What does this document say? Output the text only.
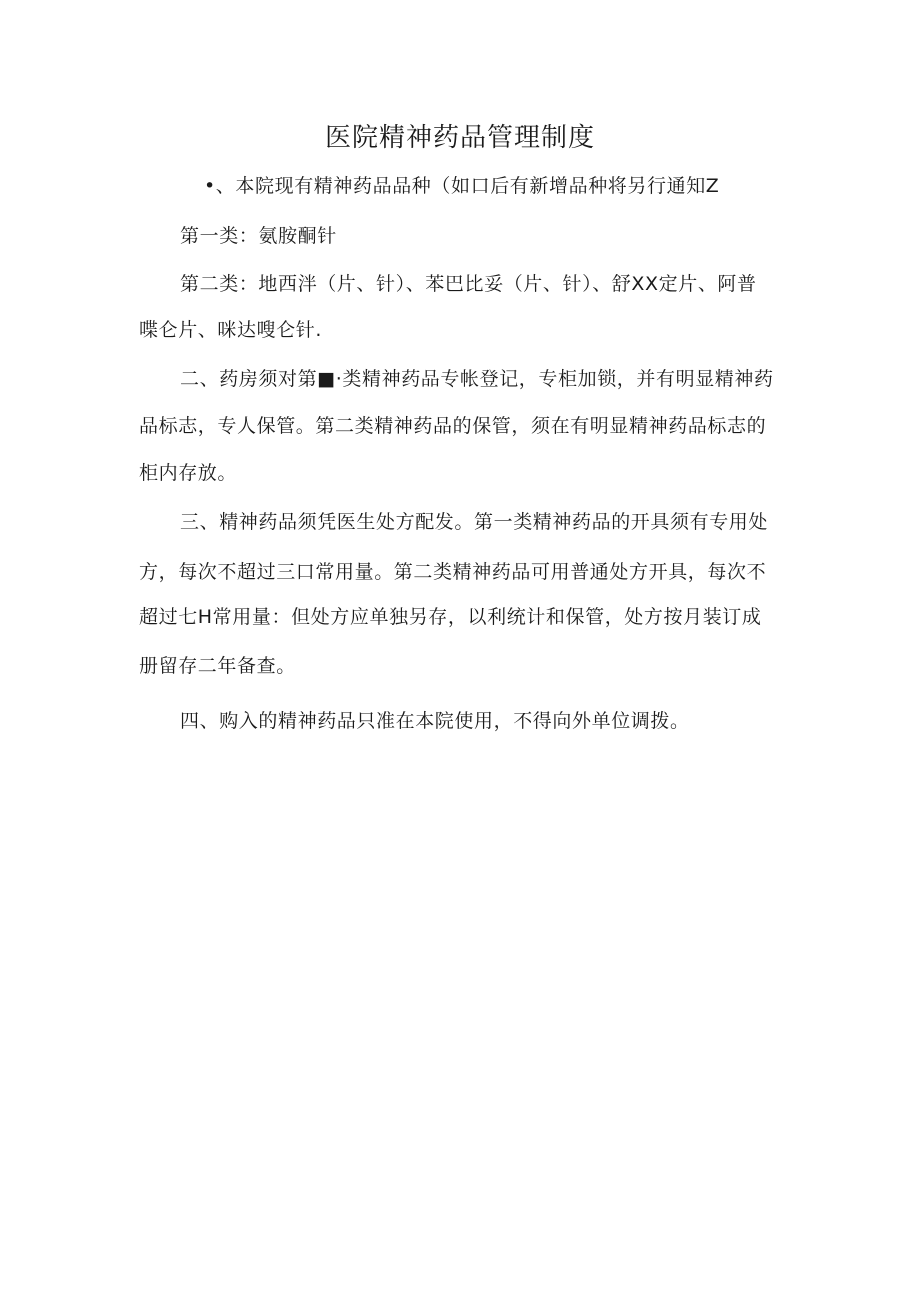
医院精神药品管理制度
•、本院现有精神药品品种（如口后有新增品种将另行通知Z
第一类：氨胺酮针
第二类：地西泮（片、针）、苯巴比妥（片、针）、舒XX定片、阿普
喋仑片、咪达嗖仑针.
二、药房须对第■·类精神药品专帐登记，专柜加锁，并有明显精神药
品标志，专人保管。第二类精神药品的保管，须在有明显精神药品标志的
柜内存放。
三、精神药品须凭医生处方配发。第一类精神药品的开具须有专用处
方，每次不超过三口常用量。第二类精神药品可用普通处方开具，每次不
超过七H常用量：但处方应单独另存，以利统计和保管，处方按月装订成
册留存二年备查。
四、购入的精神药品只准在本院使用，不得向外单位调拨。
